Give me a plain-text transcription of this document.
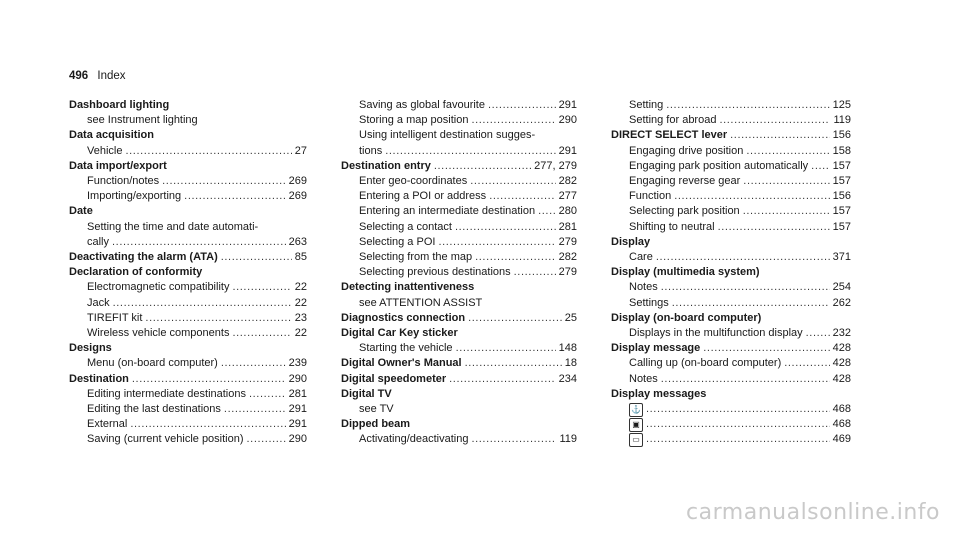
496 Index
Dashboard lighting
see Instrument lighting
Data acquisition
Vehicle .....	27
Data import/export
Function/notes .....	269
Importing/exporting .....	269
Date
Setting the time and date automati-
cally .....	263
Deactivating the alarm (ATA) .....	85
Declaration of conformity
Electromagnetic compatibility .....	22
Jack .....	22
TIREFIT kit .....	23
Wireless vehicle components .....	22
Designs
Menu (on-board computer) .....	239
Destination .....	290
Editing intermediate destinations .....	281
Editing the last destinations .....	291
External .....	291
Saving (current vehicle position) .....	290
Saving as global favourite .....	291
Storing a map position .....	290
Using intelligent destination sugges-
tions .....	291
Destination entry .....	277, 279
Enter geo-coordinates .....	282
Entering a POI or address .....	277
Entering an intermediate destination ..... 280
Selecting a contact .....	281
Selecting a POI .....	279
Selecting from the map .....	282
Selecting previous destinations .....	279
Detecting inattentiveness
see ATTENTION ASSIST
Diagnostics connection .....	25
Digital Car Key sticker
Starting the vehicle .....	148
Digital Owner's Manual .....	18
Digital speedometer .....	234
Digital TV
see TV
Dipped beam
Activating/deactivating .....	119
Setting .....	125
Setting for abroad .....	119
DIRECT SELECT lever .....	156
Engaging drive position .....	158
Engaging park position automatically ..... 157
Engaging reverse gear .....	157
Function .....	156
Selecting park position .....	157
Shifting to neutral .....	157
Display
Care .....	371
Display (multimedia system)
Notes .....	254
Settings .....	262
Display (on-board computer)
Displays in the multifunction display .....	232
Display message .....	428
Calling up (on-board computer) .....	428
Notes .....	428
Display messages
⚓ .....	468
▣ .....	468
▭ .....	469
carmanualsonline.info
